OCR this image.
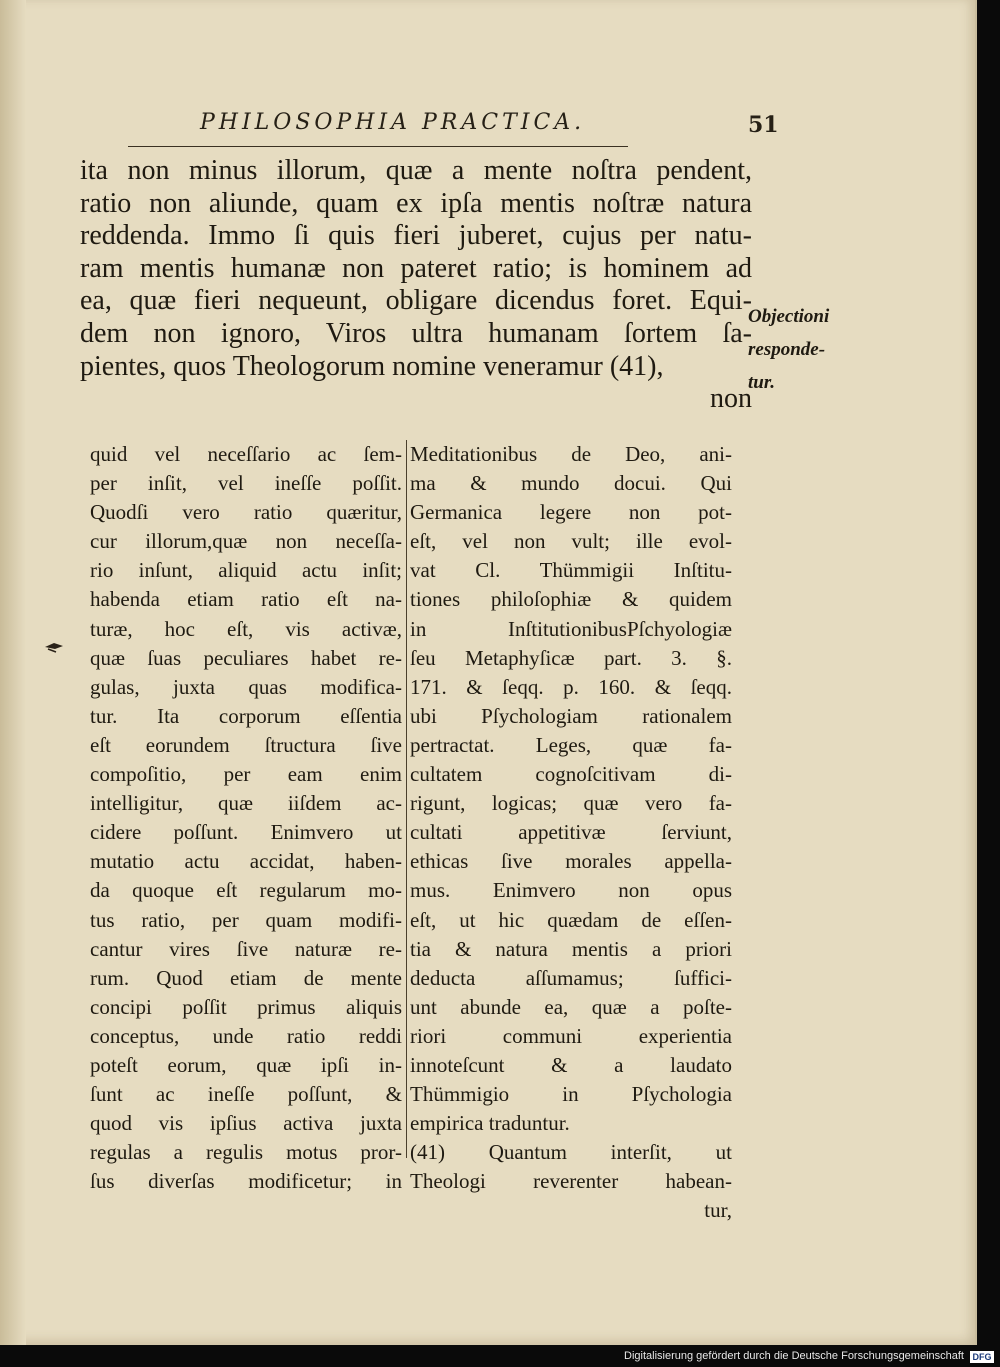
PHILOSOPHIA PRACTICA.	51
ita non minus illorum, quæ a mente noſtra pendent,
ratio non aliunde, quam ex ipſa mentis noſtræ natura
reddenda. Immo ſi quis fieri juberet, cujus per natu-
ram mentis humanæ non pateret ratio; is hominem ad
ea, quæ fieri nequeunt, obligare dicendus foret. Equi-
dem non ignoro, Viros ultra humanam ſortem ſa-
pientes, quos Theologorum nomine veneramur (41),
non
Objectioni
responde-
tur.
quid vel neceſſario ac ſem-
per inſit, vel ineſſe poſſit.
Quodſi vero ratio quæritur,
cur illorum,quæ non neceſſa-
rio inſunt, aliquid actu inſit;
habenda etiam ratio eſt na-
turæ, hoc eſt, vis activæ,
quæ ſuas peculiares habet re-
gulas, juxta quas modifica-
tur. Ita corporum eſſentia
eſt eorundem ſtructura ſive
compoſitio, per eam enim
intelligitur, quæ iiſdem ac-
cidere poſſunt. Enimvero ut
mutatio actu accidat, haben-
da quoque eſt regularum mo-
tus ratio, per quam modifi-
cantur vires ſive naturæ re-
rum. Quod etiam de mente
concipi poſſit primus aliquis
conceptus, unde ratio reddi
poteſt eorum, quæ ipſi in-
ſunt ac ineſſe poſſunt, &
quod vis ipſius activa juxta
regulas a regulis motus pror-
ſus diverſas modificetur; in
Meditationibus de Deo, ani-
ma & mundo docui. Qui
Germanica legere non pot-
eſt, vel non vult; ille evol-
vat Cl. Thümmigii Inſtitu-
tiones philoſophiæ & quidem
in InſtitutionibusPſchyologiæ
ſeu Metaphyſicæ part. 3. §.
171. & ſeqq. p. 160. & ſeqq.
ubi Pſychologiam rationalem
pertractat. Leges, quæ fa-
cultatem cognoſcitivam di-
rigunt, logicas; quæ vero fa-
cultati appetitivæ ſerviunt,
ethicas ſive morales appella-
mus. Enimvero non opus
eſt, ut hic quædam de eſſen-
tia & natura mentis a priori
deducta aſſumamus; ſuffici-
unt abunde ea, quæ a poſte-
riori communi experientia
innoteſcunt & a laudato
Thümmigio in Pſychologia
empirica traduntur.
(41) Quantum interſit, ut
Theologi reverenter habean-
tur,
Digitalisierung gefördert durch die Deutsche Forschungsgemeinschaft DFG
